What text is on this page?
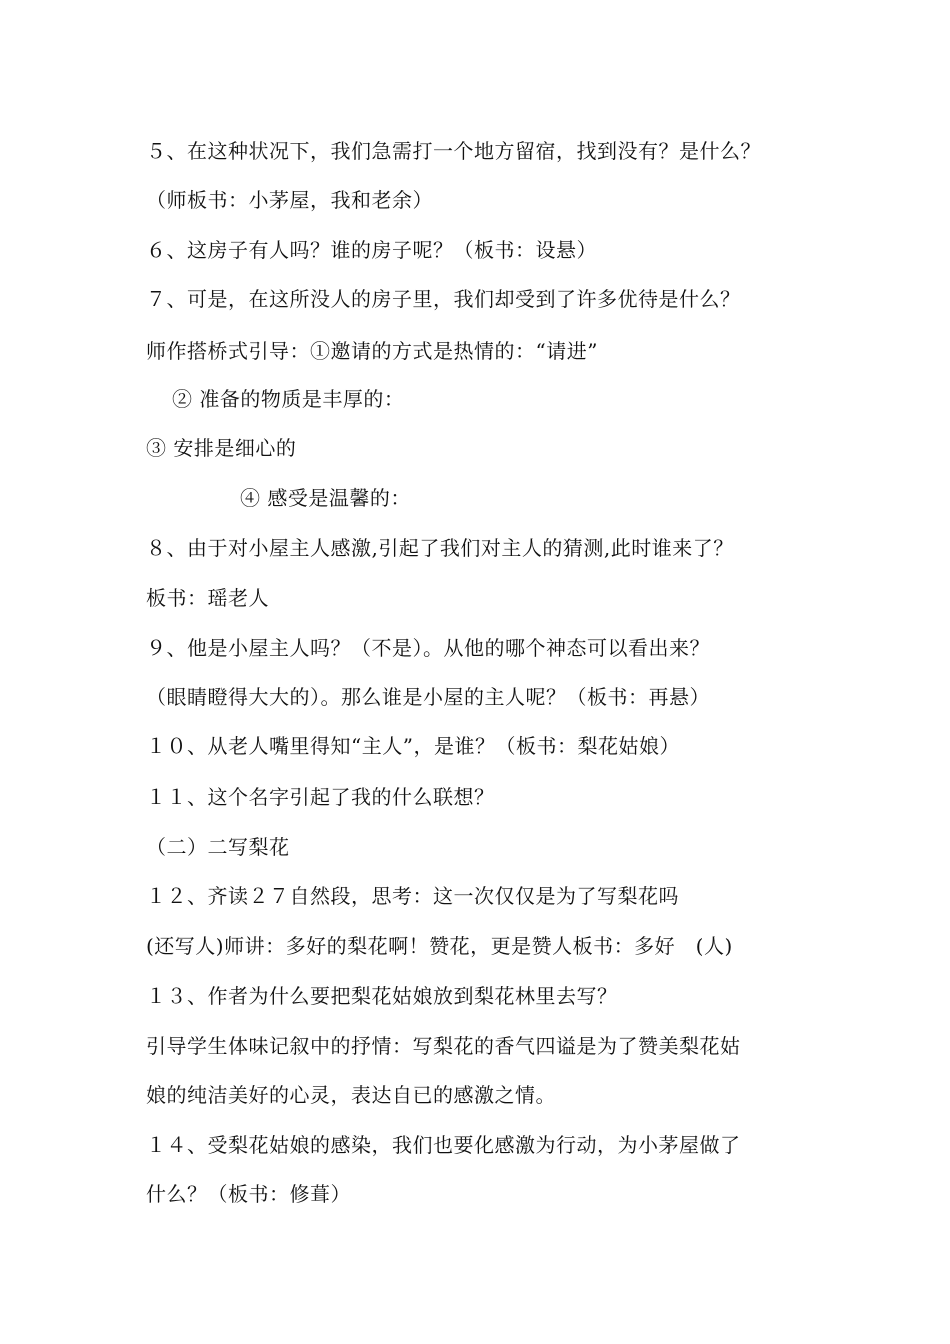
５、在这种状况下，我们急需打一个地方留宿，找到没有？是什么？
（师板书：小茅屋，我和老余）
６、这房子有人吗？谁的房子呢？（板书：设悬）
７、可是，在这所没人的房子里，我们却受到了许多优待是什么？
师作搭桥式引导：①邀请的方式是热情的：“请进”
② 准备的物质是丰厚的：
③ 安排是细心的
④ 感受是温馨的：
８、由于对小屋主人感激,引起了我们对主人的猜测,此时谁来了？
板书：瑶老人
９、他是小屋主人吗？（不是）。从他的哪个神态可以看出来？
（眼睛瞪得大大的）。那么谁是小屋的主人呢？（板书：再悬）
１０、从老人嘴里得知“主人”，是谁？（板书：梨花姑娘）
１１、这个名字引起了我的什么联想？
（二）二写梨花
１２、齐读２７自然段，思考：这一次仅仅是为了写梨花吗
(还写人)师讲：多好的梨花啊！赞花，更是赞人板书：多好   (人)
１３、作者为什么要把梨花姑娘放到梨花林里去写？
引导学生体味记叙中的抒情：写梨花的香气四谥是为了赞美梨花姑
娘的纯洁美好的心灵，表达自已的感激之情。
１４、受梨花姑娘的感染，我们也要化感激为行动，为小茅屋做了
什么？（板书：修葺）
